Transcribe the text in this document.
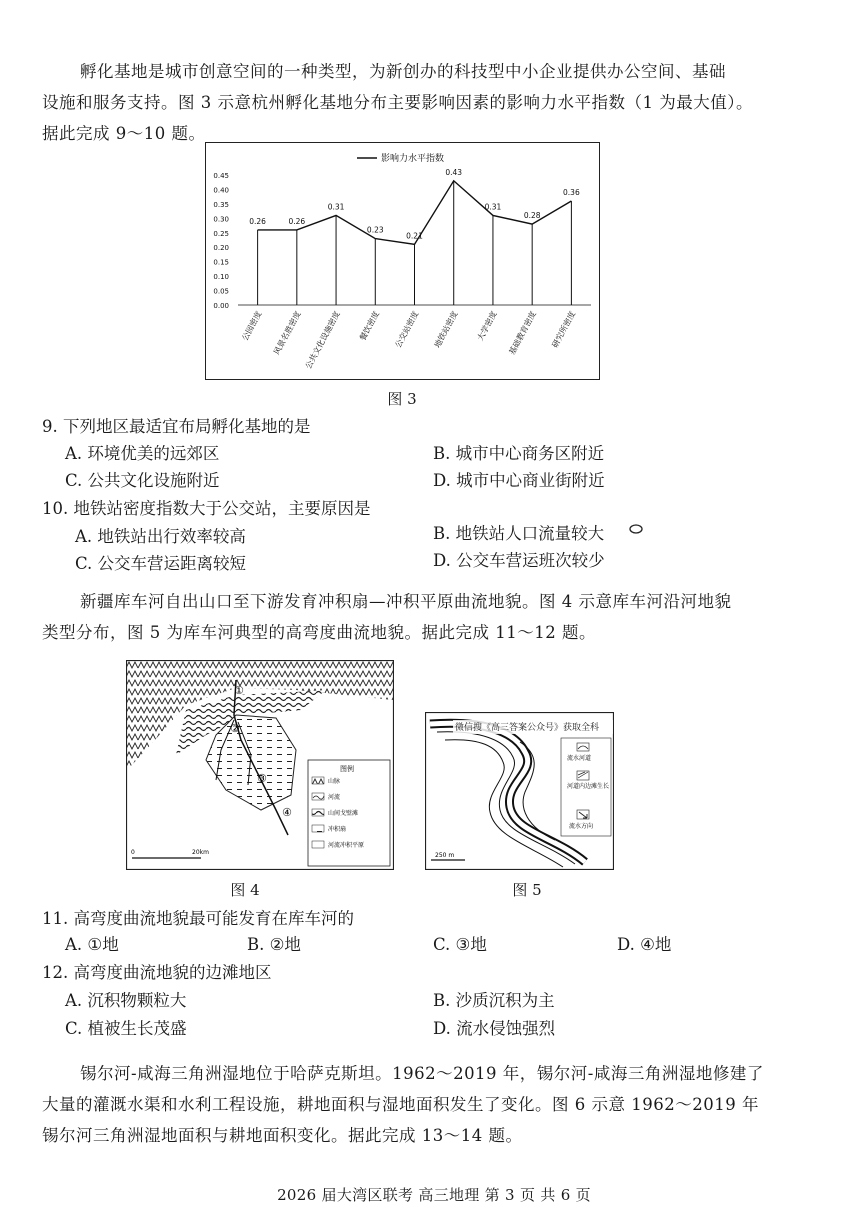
孵化基地是城市创意空间的一种类型，为新创办的科技型中小企业提供办公空间、基础
设施和服务支持。图 3 示意杭州孵化基地分布主要影响因素的影响力水平指数（1 为最大值）。
据此完成 9～10 题。
影响力水平指数
0.45
0.40
0.35
0.30
0.25
0.20
0.15
0.10
0.05
0.00
0.26	0.26
0.31
0.23
0.21
0.43
0.31
0.28
0.36
公园密度 风景名胜密度 公共文化设施密度 餐饮密度 公交站密度 地铁站密度 大学密度 基础教育密度 研究所密度
图 3
9. 下列地区最适宜布局孵化基地的是
A. 环境优美的远郊区	B. 城市中心商务区附近
C. 公共文化设施附近	D. 城市中心商业街附近
10. 地铁站密度指数大于公交站，主要原因是
A. 地铁站出行效率较高	B. 地铁站人口流量较大
C. 公交车营运距离较短	D. 公交车营运班次较少
新疆库车河自出山口至下游发育冲积扇—冲积平原曲流地貌。图 4 示意库车河沿河地貌
类型分布，图 5 为库车河典型的高弯度曲流地貌。据此完成 11～12 题。
①
②
③
④
0	20km
图例
山脉
河流
山间戈壁滩
冲积扇
河流冲积平原
图 4
微信搜《高三答案公众号》获取全科
流水河道
河道内边滩生长
流水方向
250 m
图 5
11. 高弯度曲流地貌最可能发育在库车河的
A. ①地	B. ②地	C. ③地	D. ④地
12. 高弯度曲流地貌的边滩地区
A. 沉积物颗粒大	B. 沙质沉积为主
C. 植被生长茂盛	D. 流水侵蚀强烈
锡尔河-咸海三角洲湿地位于哈萨克斯坦。1962～2019 年，锡尔河-咸海三角洲湿地修建了
大量的灌溉水渠和水利工程设施，耕地面积与湿地面积发生了变化。图 6 示意 1962～2019 年
锡尔河三角洲湿地面积与耕地面积变化。据此完成 13～14 题。
2026 届大湾区联考 高三地理 第 3 页 共 6 页
